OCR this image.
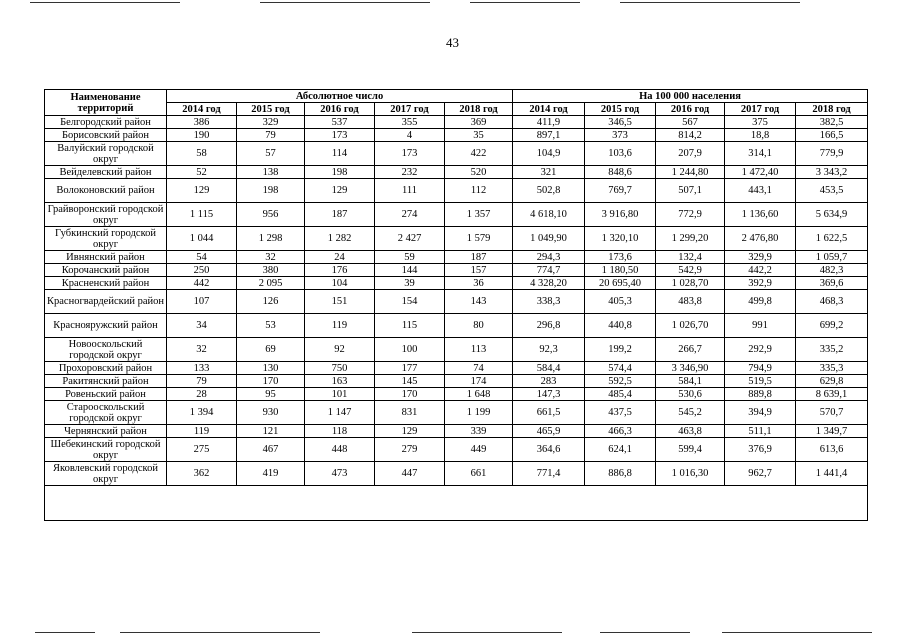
43
Наименование территорий	Абсолютное число					На 100 000 населения				
	2014 год	2015 год	2016 год	2017 год	2018 год	2014 год	2015 год	2016 год	2017 год	2018 год
Белгородский район	386	329	537	355	369	411,9	346,5	567	375	382,5
Борисовский район	190	79	173	4	35	897,1	373	814,2	18,8	166,5
Валуйский городской округ	58	57	114	173	422	104,9	103,6	207,9	314,1	779,9
Вейделевский район	52	138	198	232	520	321	848,6	1 244,80	1 472,40	3 343,2
Волоконовский район	129	198	129	111	112	502,8	769,7	507,1	443,1	453,5
Грайворонский городской округ	1 115	956	187	274	1 357	4 618,10	3 916,80	772,9	1 136,60	5 634,9
Губкинский городской округ	1 044	1 298	1 282	2 427	1 579	1 049,90	1 320,10	1 299,20	2 476,80	1 622,5
Ивнянский район	54	32	24	59	187	294,3	173,6	132,4	329,9	1 059,7
Корочанский район	250	380	176	144	157	774,7	1 180,50	542,9	442,2	482,3
Красненский район	442	2 095	104	39	36	4 328,20	20 695,40	1 028,70	392,9	369,6
Красногвардейский район	107	126	151	154	143	338,3	405,3	483,8	499,8	468,3
Краснояружский район	34	53	119	115	80	296,8	440,8	1 026,70	991	699,2
Новооскольский городской округ	32	69	92	100	113	92,3	199,2	266,7	292,9	335,2
Прохоровский район	133	130	750	177	74	584,4	574,4	3 346,90	794,9	335,3
Ракитянский район	79	170	163	145	174	283	592,5	584,1	519,5	629,8
Ровеньский район	28	95	101	170	1 648	147,3	485,4	530,6	889,8	8 639,1
Старооскольский городской округ	1 394	930	1 147	831	1 199	661,5	437,5	545,2	394,9	570,7
Чернянский район	119	121	118	129	339	465,9	466,3	463,8	511,1	1 349,7
Шебекинский городской округ	275	467	448	279	449	364,6	624,1	599,4	376,9	613,6
Яковлевский городской округ	362	419	473	447	661	771,4	886,8	1 016,30	962,7	1 441,4
